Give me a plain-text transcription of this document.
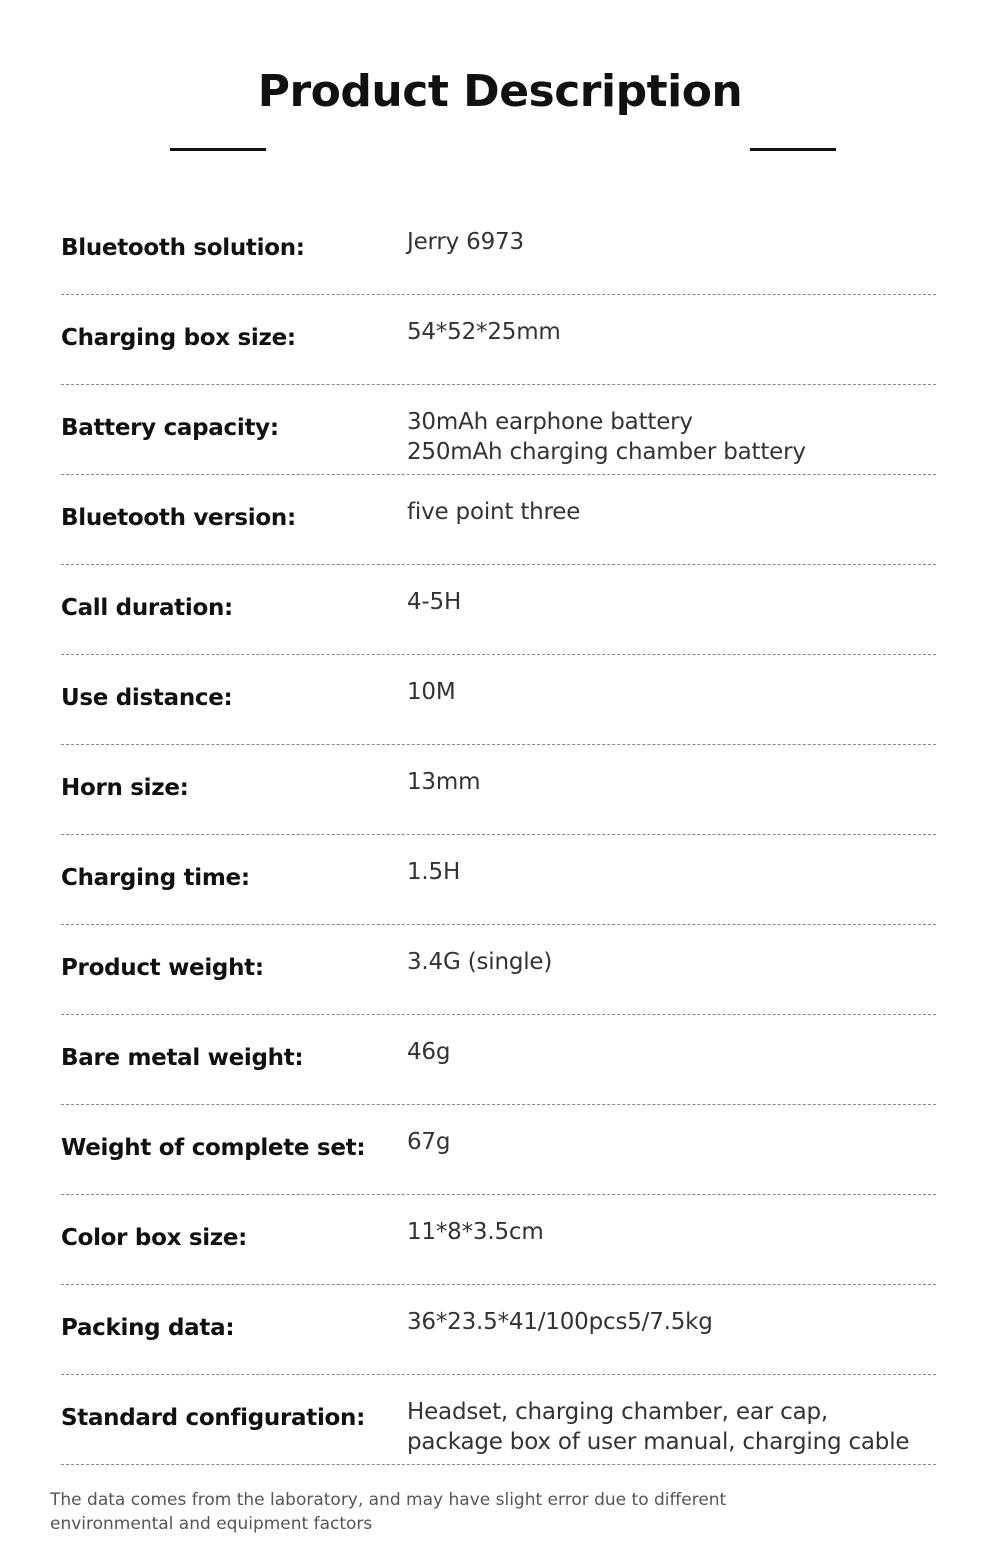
Product Description
Bluetooth solution:	Jerry 6973
Charging box size:	54*52*25mm
Battery capacity:	30mAh earphone battery
250mAh charging chamber battery
Bluetooth version:	five point three
Call duration:	4-5H
Use distance:	10M
Horn size:	13mm
Charging time:	1.5H
Product weight:	3.4G (single)
Bare metal weight:	46g
Weight of complete set: 67g
Color box size:	11*8*3.5cm
Packing data:	36*23.5*41/100pcs5/7.5kg
Standard configuration: Headset, charging chamber, ear cap,
package box of user manual, charging cable
The data comes from the laboratory, and may have slight error due to different
environmental and equipment factors
